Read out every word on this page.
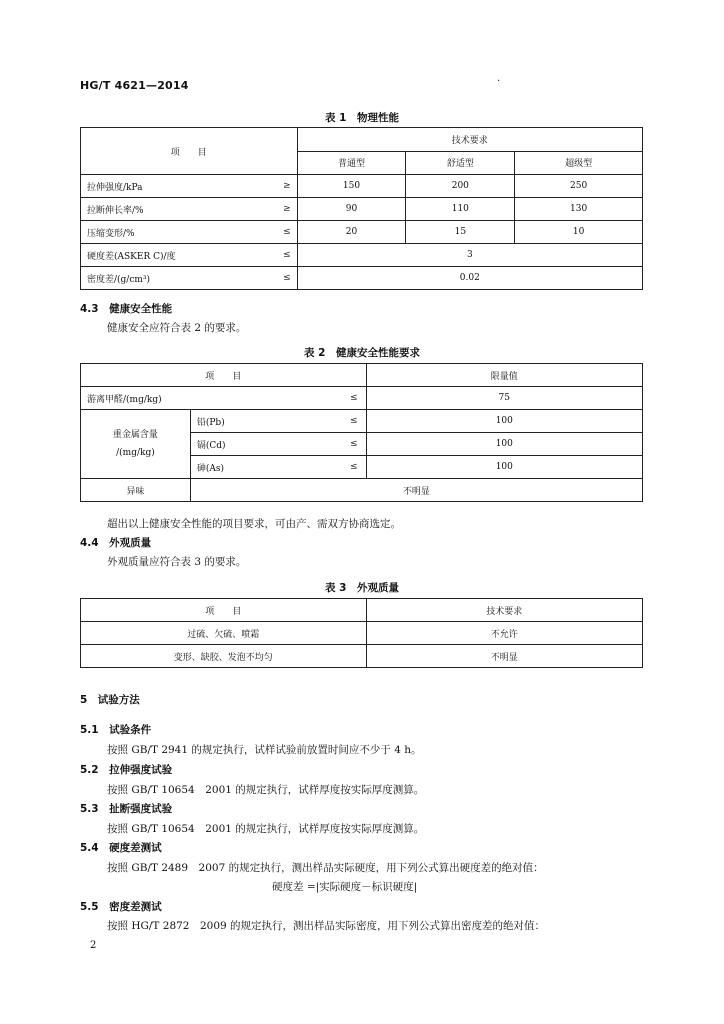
HG/T 4621—2014	·
表 1　物理性能
项　　目		技术要求		
		普通型	舒适型	超级型
拉伸强度/kPa	≥	150	200	250
拉断伸长率/%	≥	90	110	130
压缩变形/%	≤	20	15	10
硬度差(ASKER C)/度	≤	3		
密度差/(g/cm³)	≤	0.02		
4.3　健康安全性能
健康安全应符合表 2 的要求。
表 2　健康安全性能要求
项　　目			限量值
游离甲醛/(mg/kg)		≤	75
重金属含量
/(mg/kg)	铅(Pb)	≤	100
	镉(Cd)	≤	100
	砷(As)	≤	100
异味	不明显		
超出以上健康安全性能的项目要求，可由产、需双方协商选定。
4.4　外观质量
外观质量应符合表 3 的要求。
表 3　外观质量
项　　目	技术要求
过硫、欠硫、喷霜	不允许
变形、缺胶、发泡不均匀	不明显
5　试验方法
5.1　试验条件
按照 GB/T 2941 的规定执行，试样试验前放置时间应不少于 4 h。
5.2　拉伸强度试验
按照 GB/T 10654　2001 的规定执行，试样厚度按实际厚度测算。
5.3　扯断强度试验
按照 GB/T 10654　2001 的规定执行，试样厚度按实际厚度测算。
5.4　硬度差测试
按照 GB/T 2489　2007 的规定执行，测出样品实际硬度，用下列公式算出硬度差的绝对值：
硬度差 =|实际硬度－标识硬度|
5.5　密度差测试
按照 HG/T 2872　2009 的规定执行，测出样品实际密度，用下列公式算出密度差的绝对值：
2
